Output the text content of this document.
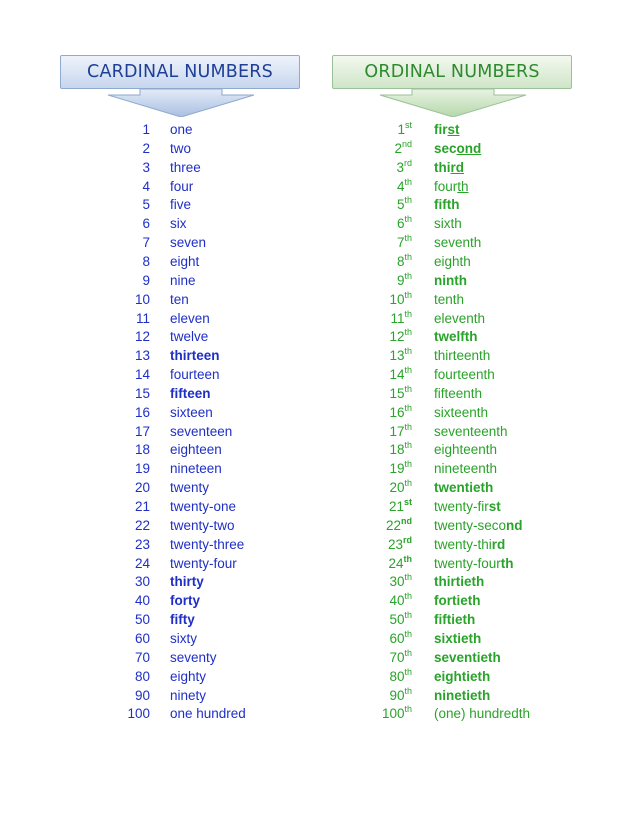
CARDINAL NUMBERS	ORDINAL NUMBERS
1 one
2 two
3 three
4 four
5 five
6 six
7 seven
8 eight
9 nine
10 ten
11 eleven
12 twelve
13 thirteen
14 fourteen
15 fifteen
16 sixteen
17 seventeen
18 eighteen
19 nineteen
20 twenty
21 twenty-one
22 twenty-two
23 twenty-three
24 twenty-four
30 thirty
40 forty
50 fifty
60 sixty
70 seventy
80 eighty
90 ninety
100 one hundred
1st first
2nd second
3rd third
4th fourth
5th fifth
6th sixth
7th seventh
8th eighth
9th ninth
10th tenth
11th eleventh
12th twelfth
13th thirteenth
14th fourteenth
15th fifteenth
16th sixteenth
17th seventeenth
18th eighteenth
19th nineteenth
20th twentieth
21st twenty-first
22nd twenty-second
23rd twenty-third
24th twenty-fourth
30th thirtieth
40th fortieth
50th fiftieth
60th sixtieth
70th seventieth
80th eightieth
90th ninetieth
100th (one) hundredth
